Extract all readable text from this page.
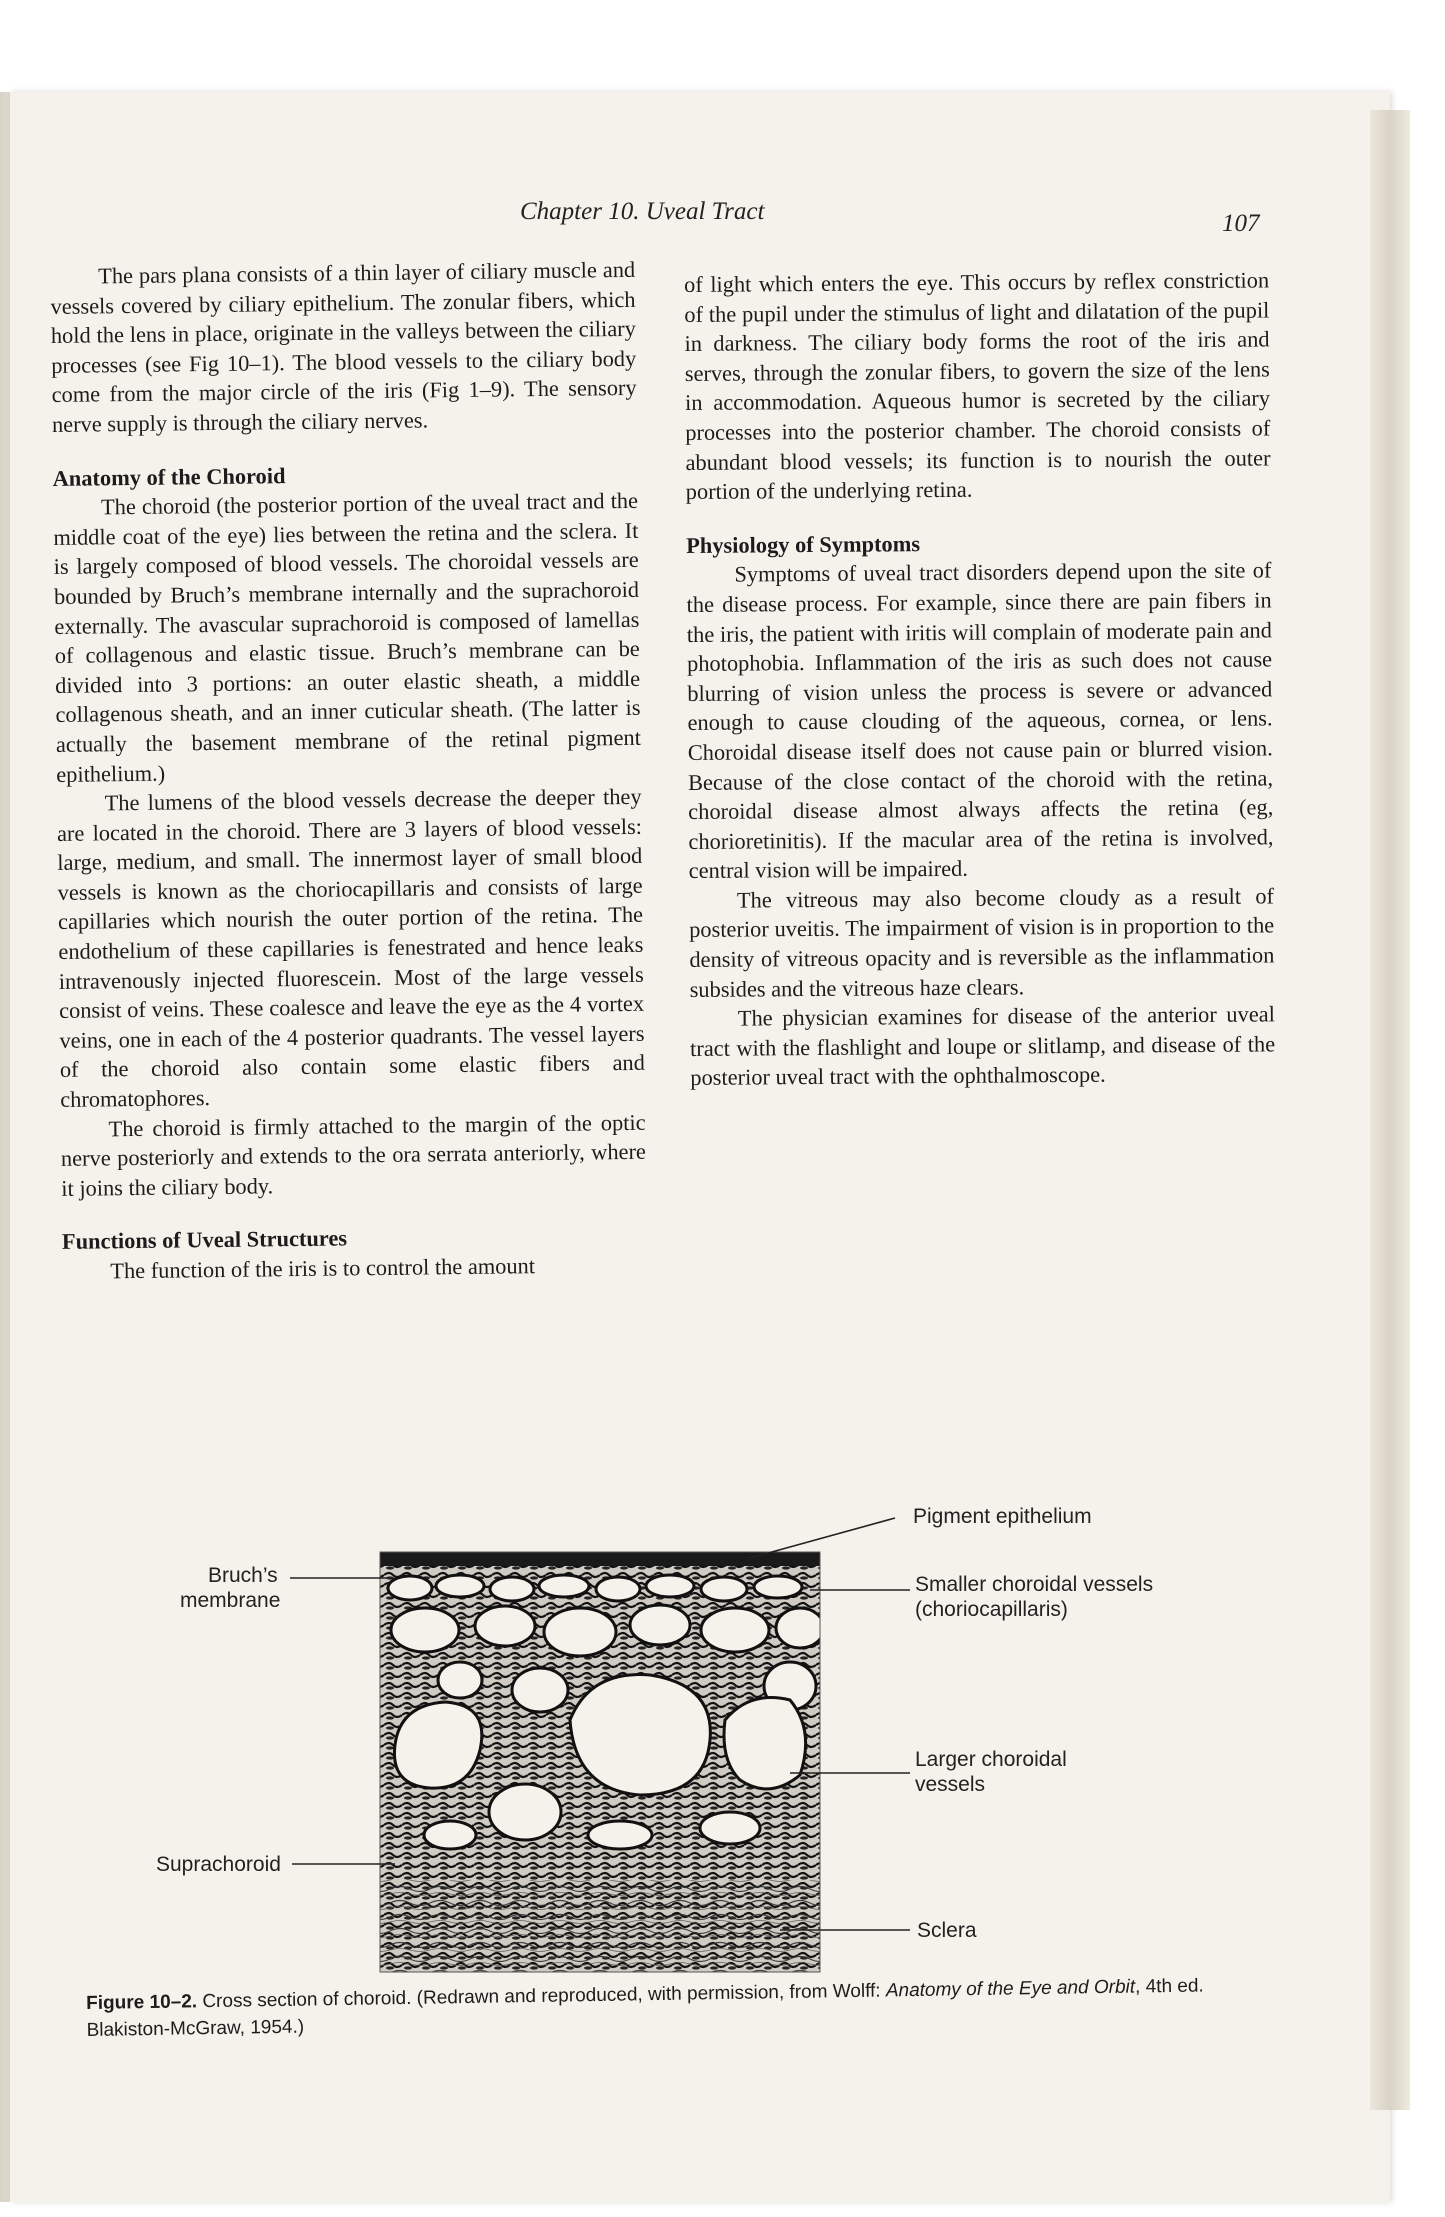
Chapter 10. Uveal Tract	107

The pars plana consists of a thin layer of ciliary muscle and vessels covered by ciliary epithelium. The zonular fibers, which hold the lens in place, originate in the valleys between the ciliary processes (see Fig 10–1). The blood vessels to the ciliary body come from the major circle of the iris (Fig 1–9). The sensory nerve supply is through the ciliary nerves.

Anatomy of the Choroid

The choroid (the posterior portion of the uveal tract and the middle coat of the eye) lies between the retina and the sclera. It is largely composed of blood vessels. The choroidal vessels are bounded by Bruch’s membrane internally and the suprachoroid externally. The avascular suprachoroid is composed of lamellas of collagenous and elastic tissue. Bruch’s membrane can be divided into 3 portions: an outer elastic sheath, a middle collagenous sheath, and an inner cuticular sheath. (The latter is actually the basement membrane of the retinal pigment epithelium.)

The lumens of the blood vessels decrease the deeper they are located in the choroid. There are 3 layers of blood vessels: large, medium, and small. The innermost layer of small blood vessels is known as the choriocapillaris and consists of large capillaries which nourish the outer portion of the retina. The endothelium of these capillaries is fenestrated and hence leaks intravenously injected fluorescein. Most of the large vessels consist of veins. These coalesce and leave the eye as the 4 vortex veins, one in each of the 4 posterior quadrants. The vessel layers of the choroid also contain some elastic fibers and chromatophores.

The choroid is firmly attached to the margin of the optic nerve posteriorly and extends to the ora serrata anteriorly, where it joins the ciliary body.

Functions of Uveal Structures

The function of the iris is to control the amount

of light which enters the eye. This occurs by reflex constriction of the pupil under the stimulus of light and dilatation of the pupil in darkness. The ciliary body forms the root of the iris and serves, through the zonular fibers, to govern the size of the lens in accommodation. Aqueous humor is secreted by the ciliary processes into the posterior chamber. The choroid consists of abundant blood vessels; its function is to nourish the outer portion of the underlying retina.

Physiology of Symptoms

Symptoms of uveal tract disorders depend upon the site of the disease process. For example, since there are pain fibers in the iris, the patient with iritis will complain of moderate pain and photophobia. Inflammation of the iris as such does not cause blurring of vision unless the process is severe or advanced enough to cause clouding of the aqueous, cornea, or lens. Choroidal disease itself does not cause pain or blurred vision. Because of the close contact of the choroid with the retina, choroidal disease almost always affects the retina (eg, chorioretinitis). If the macular area of the retina is involved, central vision will be impaired.

The vitreous may also become cloudy as a result of posterior uveitis. The impairment of vision is in proportion to the density of vitreous opacity and is reversible as the inflammation subsides and the vitreous haze clears.

The physician examines for disease of the anterior uveal tract with the flashlight and loupe or slitlamp, and disease of the posterior uveal tract with the ophthalmoscope.

Pigment epithelium
Bruch’s
membrane
Smaller choroidal vessels
(choriocapillaris)
Larger choroidal
vessels
Suprachoroid
Sclera
Figure 10–2. Cross section of choroid. (Redrawn and reproduced, with permission, from Wolff: Anatomy of the Eye and Orbit, 4th ed. Blakiston-McGraw, 1954.)
